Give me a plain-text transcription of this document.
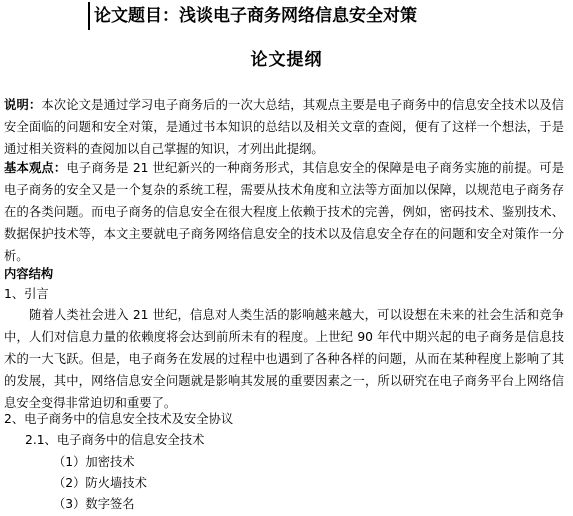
论文题目：浅谈电子商务网络信息安全对策
论文提纲

说明：本次论文是通过学习电子商务后的一次大总结，其观点主要是电子商务中的信息安全技术以及信安全面临的问题和安全对策，是通过书本知识的总结以及相关文章的查阅，便有了这样一个想法，于是通过相关资料的查阅加以自己掌握的知识，才列出此提纲。

基本观点：电子商务是 21 世纪新兴的一种商务形式，其信息安全的保障是电子商务实施的前提。可是电子商务的安全又是一个复杂的系统工程，需要从技术角度和立法等方面加以保障，以规范电子商务存在的各类问题。而电子商务的信息安全在很大程度上依赖于技术的完善，例如，密码技术、鉴别技术、数据保护技术等，本文主要就电子商务网络信息安全的技术以及信息安全存在的问题和安全对策作一分析。

内容结构
1、引言

随着人类社会进入 21 世纪，信息对人类生活的影响越来越大，可以设想在未来的社会生活和竞争中，人们对信息力量的依赖度将会达到前所未有的程度。上世纪 90 年代中期兴起的电子商务是信息技术的一大飞跃。但是，电子商务在发展的过程中也遇到了各种各样的问题，从而在某种程度上影响了其的发展，其中，网络信息安全问题就是影响其发展的重要因素之一，所以研究在电子商务平台上网络信息安全变得非常迫切和重要了。

2、电子商务中的信息安全技术及安全协议
2.1、电子商务中的信息安全技术
（1）加密技术
（2）防火墙技术
（3）数字签名
